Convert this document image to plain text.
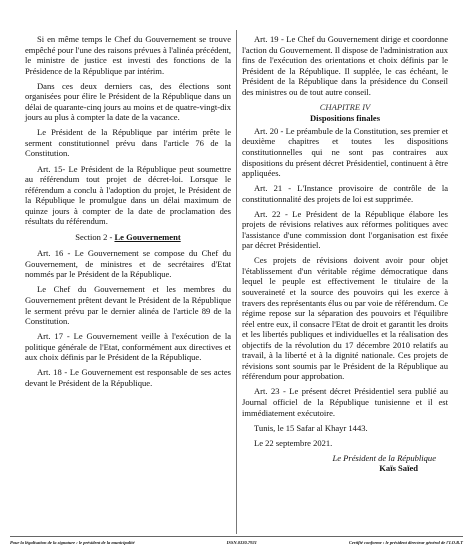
Si en même temps le Chef du Gouvernement se trouve empêché pour l'une des raisons prévues à l'alinéa précédent, le ministre de justice est investi des fonctions de la Présidence de la République par intérim.

Dans ces deux derniers cas, des élections sont organisées pour élire le Président de la République dans un délai de quarante-cinq jours au moins et de quatre-vingt-dix jours au plus à compter la date de la vacance.

Le Président de la République par intérim prête le serment constitutionnel prévu dans l'article 76 de la Constitution.

Art. 15- Le Président de la République peut soumettre au référendum tout projet de décret-loi. Lorsque le référendum a conclu à l'adoption du projet, le Président de la République le promulgue dans un délai maximum de quinze jours à compter de la date de proclamation des résultats du référendum.

Section 2 - Le Gouvernement

Art. 16 - Le Gouvernement se compose du Chef du Gouvernement, de ministres et de secrétaires d'Etat nommés par le Président de la République.

Le Chef du Gouvernement et les membres du Gouvernement prêtent devant le Président de la République le serment prévu par le dernier alinéa de l'article 89 de la Constitution.

Art. 17 - Le Gouvernement veille à l'exécution de la politique générale de l'Etat, conformément aux directives et aux choix définis par le Président de la République.

Art. 18 - Le Gouvernement est responsable de ses actes devant le Président de la République.

Art. 19 - Le Chef du Gouvernement dirige et coordonne l'action du Gouvernement. Il dispose de l'administration aux fins de l'exécution des orientations et choix définis par le Président de la République. Il supplée, le cas échéant, le Président de la République dans la présidence du Conseil des ministres ou de tout autre conseil.

CHAPITRE IV

Dispositions finales

Art. 20 - Le préambule de la Constitution, ses premier et deuxième chapitres et toutes les dispositions constitutionnelles qui ne sont pas contraires aux dispositions du présent décret Présidentiel, continuent à être appliquées.

Art. 21 - L'Instance provisoire de contrôle de la constitutionnalité des projets de loi est supprimée.

Art. 22 - Le Président de la République élabore les projets de révisions relatives aux réformes politiques avec l'assistance d'une commission dont l'organisation est fixée par décret Présidentiel.

Ces projets de révisions doivent avoir pour objet l'établissement d'un véritable régime démocratique dans lequel le peuple est effectivement le titulaire de la souveraineté et la source des pouvoirs qui les exerce à travers des représentants élus ou par voie de référendum. Ce régime repose sur la séparation des pouvoirs et l'équilibre réel entre eux, il consacre l'Etat de droit et garantit les droits et les libertés publiques et individuelles et la réalisation des objectifs de la révolution du 17 décembre 2010 relatifs au travail, à la liberté et à la dignité nationale. Ces projets de révisions sont soumis par le Président de la République au référendum pour approbation.

Art. 23 - Le présent décret Présidentiel sera publié au Journal officiel de la République tunisienne et il est immédiatement exécutoire.

Tunis, le 15 Safar al Khayr 1443.

Le 22 septembre 2021.

Le Président de la République

Kaïs Saïed

Pour la légalisation de la signature : le président de la municipalité	ISSN.0330.7921	Certifié conforme : le président directeur général de l'I.O.R.T
